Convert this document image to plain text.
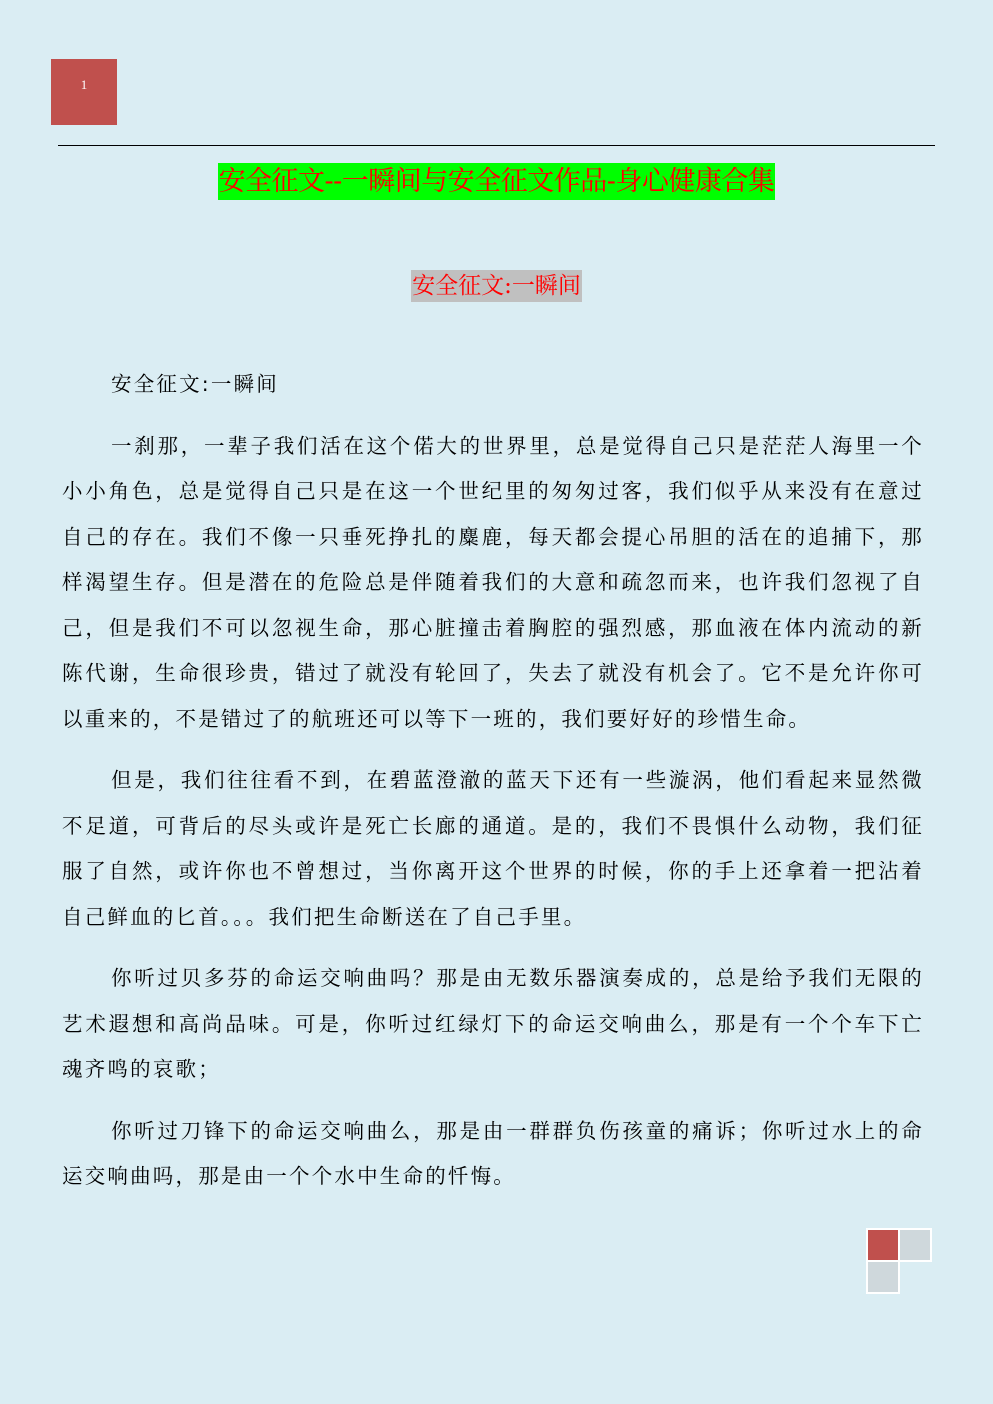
1
安全征文--一瞬间与安全征文作品-身心健康合集
安全征文:一瞬间

安全征文:一瞬间

一刹那，一辈子我们活在这个偌大的世界里，总是觉得自己只是茫茫人海里一个小小角色，总是觉得自己只是在这一个世纪里的匆匆过客，我们似乎从来没有在意过自己的存在。我们不像一只垂死挣扎的麋鹿，每天都会提心吊胆的活在的追捕下，那样渴望生存。但是潜在的危险总是伴随着我们的大意和疏忽而来，也许我们忽视了自己，但是我们不可以忽视生命，那心脏撞击着胸腔的强烈感，那血液在体内流动的新陈代谢，生命很珍贵，错过了就没有轮回了，失去了就没有机会了。它不是允许你可以重来的，不是错过了的航班还可以等下一班的，我们要好好的珍惜生命。

但是，我们往往看不到，在碧蓝澄澈的蓝天下还有一些漩涡，他们看起来显然微不足道，可背后的尽头或许是死亡长廊的通道。是的，我们不畏惧什么动物，我们征服了自然，或许你也不曾想过，当你离开这个世界的时候，你的手上还拿着一把沾着自己鲜血的匕首。。。我们把生命断送在了自己手里。

你听过贝多芬的命运交响曲吗？那是由无数乐器演奏成的，总是给予我们无限的艺术遐想和高尚品味。可是，你听过红绿灯下的命运交响曲么，那是有一个个车下亡魂齐鸣的哀歌；

你听过刀锋下的命运交响曲么，那是由一群群负伤孩童的痛诉；你听过水上的命运交响曲吗，那是由一个个水中生命的忏悔。
